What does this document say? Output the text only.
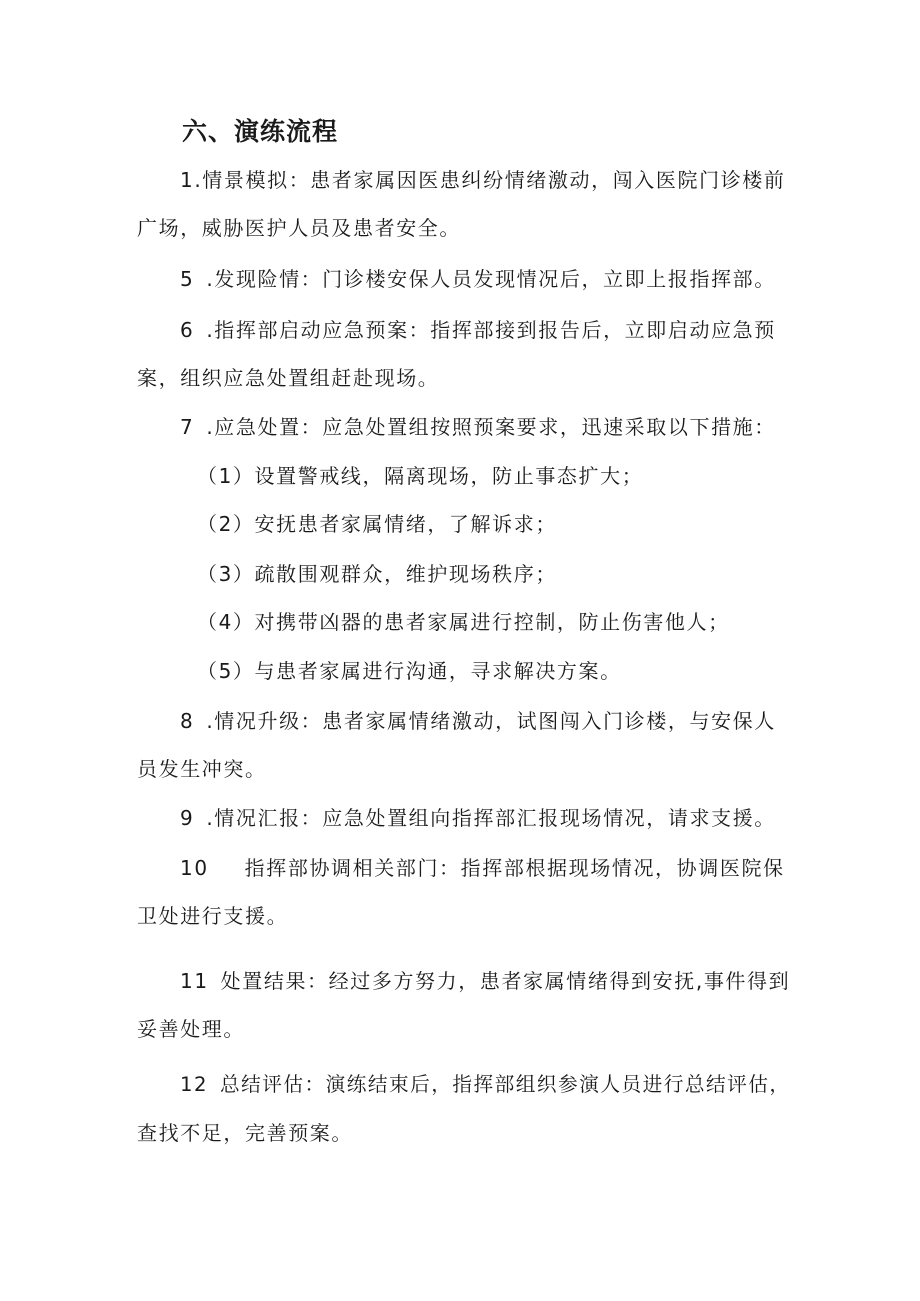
六、演练流程
1.情景模拟：患者家属因医患纠纷情绪激动，闯入医院门诊楼前
广场，威胁医护人员及患者安全。
5 .发现险情：门诊楼安保人员发现情况后，立即上报指挥部。
6 .指挥部启动应急预案：指挥部接到报告后，立即启动应急预
案，组织应急处置组赶赴现场。
7 .应急处置：应急处置组按照预案要求，迅速采取以下措施：
（1）设置警戒线，隔离现场，防止事态扩大；
（2）安抚患者家属情绪，了解诉求；
（3）疏散围观群众，维护现场秩序；
（4）对携带凶器的患者家属进行控制，防止伤害他人；
（5）与患者家属进行沟通，寻求解决方案。
8 .情况升级：患者家属情绪激动，试图闯入门诊楼，与安保人
员发生冲突。
9 .情况汇报：应急处置组向指挥部汇报现场情况，请求支援。
10 指挥部协调相关部门：指挥部根据现场情况，协调医院保
卫处进行支援。
11 处置结果：经过多方努力，患者家属情绪得到安抚,事件得到
妥善处理。
12 总结评估：演练结束后，指挥部组织参演人员进行总结评估，
查找不足，完善预案。
